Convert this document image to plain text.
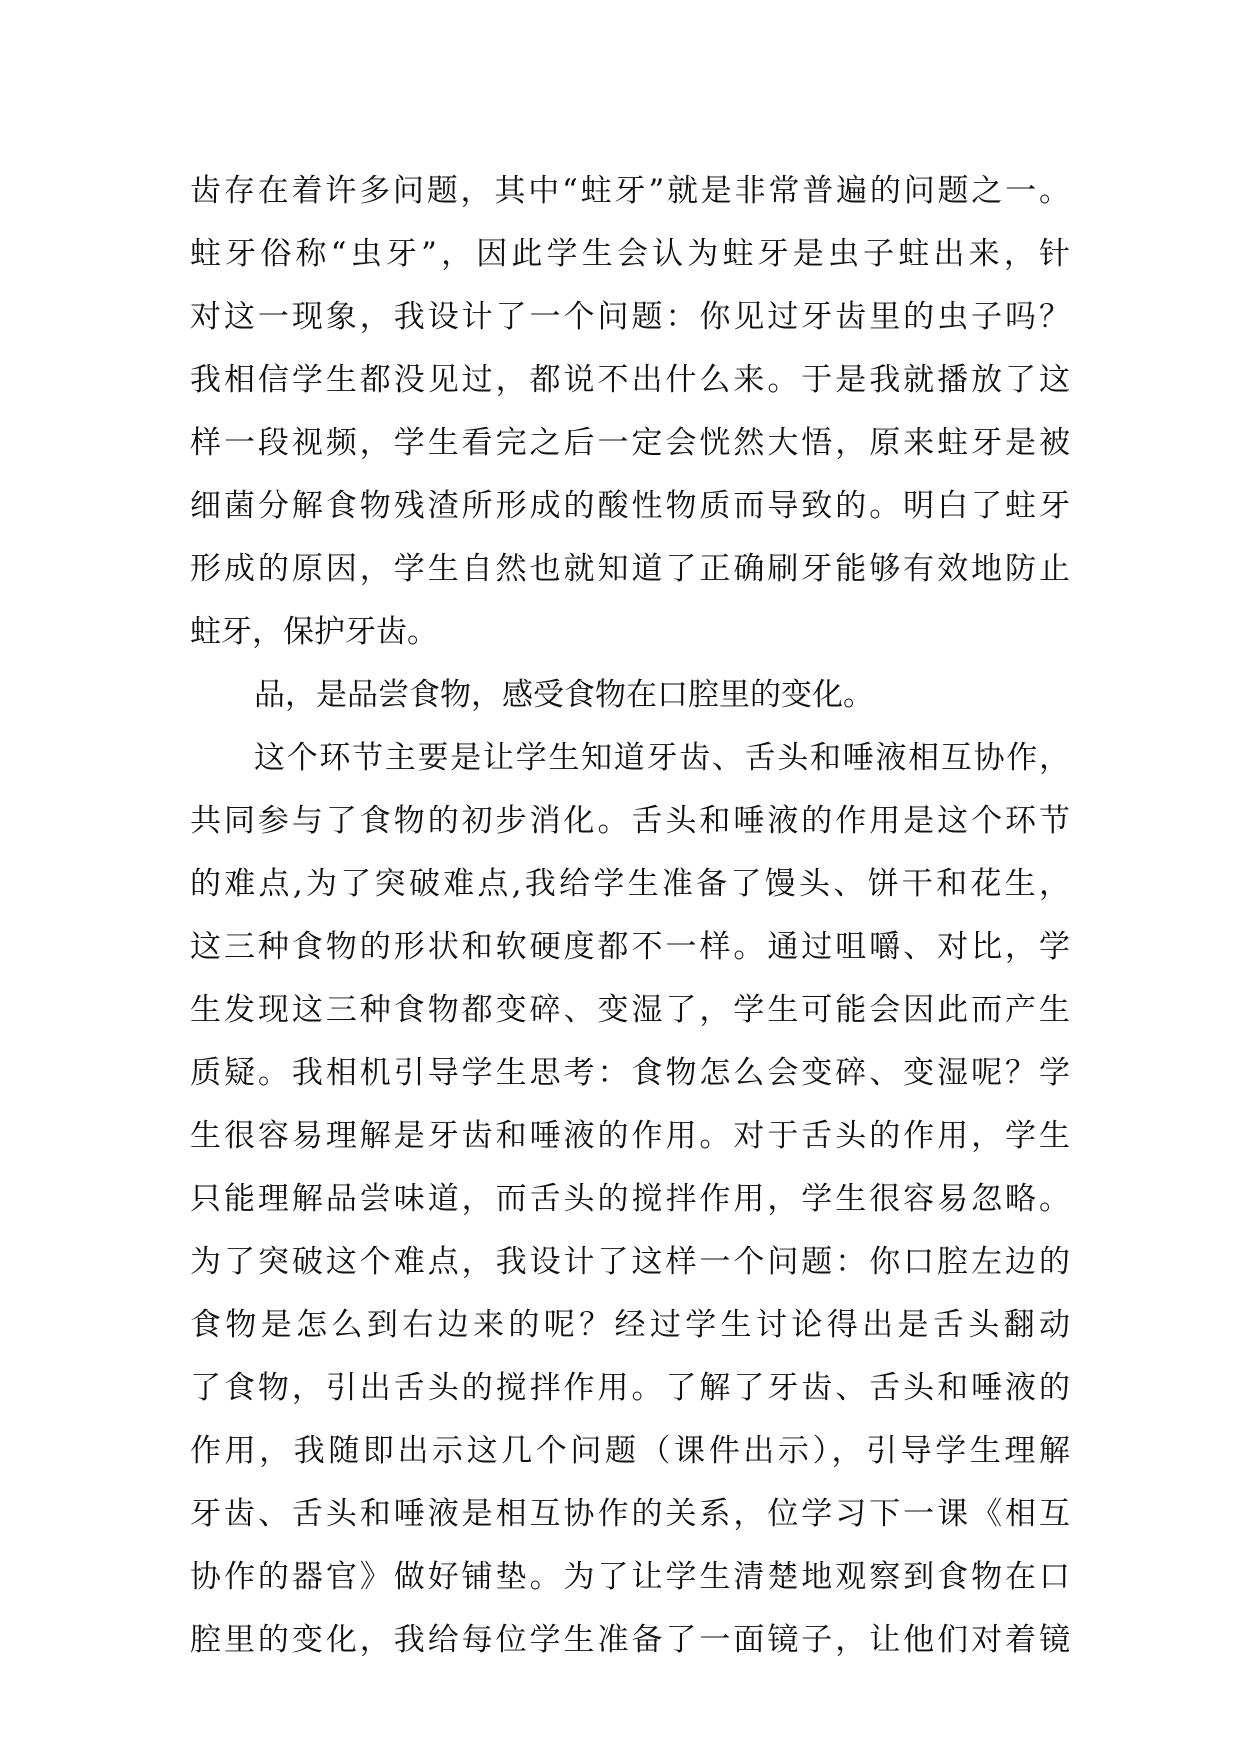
齿存在着许多问题，其中“蛀牙”就是非常普遍的问题之一。
蛀牙俗称“虫牙”，因此学生会认为蛀牙是虫子蛀出来，针
对这一现象，我设计了一个问题：你见过牙齿里的虫子吗？
我相信学生都没见过，都说不出什么来。于是我就播放了这
样一段视频，学生看完之后一定会恍然大悟，原来蛀牙是被
细菌分解食物残渣所形成的酸性物质而导致的。明白了蛀牙
形成的原因，学生自然也就知道了正确刷牙能够有效地防止
蛀牙，保护牙齿。
品，是品尝食物，感受食物在口腔里的变化。
这个环节主要是让学生知道牙齿、舌头和唾液相互协作，
共同参与了食物的初步消化。舌头和唾液的作用是这个环节
的难点,为了突破难点,我给学生准备了馒头、饼干和花生，
这三种食物的形状和软硬度都不一样。通过咀嚼、对比，学
生发现这三种食物都变碎、变湿了，学生可能会因此而产生
质疑。我相机引导学生思考：食物怎么会变碎、变湿呢？学
生很容易理解是牙齿和唾液的作用。对于舌头的作用，学生
只能理解品尝味道，而舌头的搅拌作用，学生很容易忽略。
为了突破这个难点，我设计了这样一个问题：你口腔左边的
食物是怎么到右边来的呢？经过学生讨论得出是舌头翻动
了食物，引出舌头的搅拌作用。了解了牙齿、舌头和唾液的
作用，我随即出示这几个问题（课件出示），引导学生理解
牙齿、舌头和唾液是相互协作的关系，位学习下一课《相互
协作的器官》做好铺垫。为了让学生清楚地观察到食物在口
腔里的变化，我给每位学生准备了一面镜子，让他们对着镜
